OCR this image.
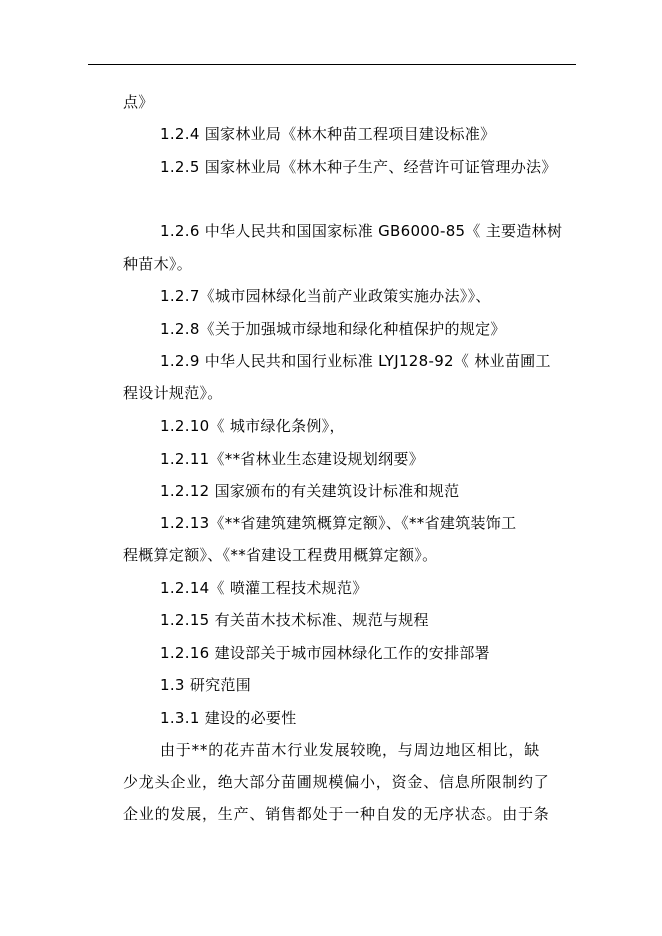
点》
1.2.4 国家林业局《林木种苗工程项目建设标准》
1.2.5 国家林业局《林木种子生产、经营许可证管理办法》
1.2.6 中华人民共和国国家标准 GB6000-85《 主要造林树
种苗木》。
1.2.7《城市园林绿化当前产业政策实施办法》》、
1.2.8《关于加强城市绿地和绿化种植保护的规定》
1.2.9 中华人民共和国行业标准 LYJ128-92《 林业苗圃工
程设计规范》。
1.2.10《 城市绿化条例》，
1.2.11《**省林业生态建设规划纲要》
1.2.12 国家颁布的有关建筑设计标准和规范
1.2.13《**省建筑建筑概算定额》、《**省建筑装饰工
程概算定额》、《**省建设工程费用概算定额》。
1.2.14《 喷灌工程技术规范》
1.2.15 有关苗木技术标准、规范与规程
1.2.16 建设部关于城市园林绿化工作的安排部署
1.3 研究范围
1.3.1 建设的必要性
由于**的花卉苗木行业发展较晚，与周边地区相比，缺
少龙头企业，绝大部分苗圃规模偏小，资金、信息所限制约了
企业的发展，生产、销售都处于一种自发的无序状态。由于条
